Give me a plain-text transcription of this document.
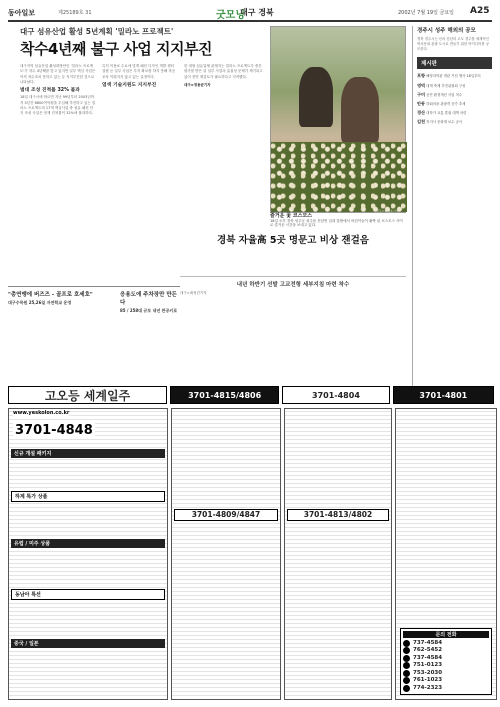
동아일보	제25189호 31	굿모닝
대구 경북	2002년 7월 19일 금요일 A25
대구 섬유산업 활성 5년계획 '밀라노 프로젝트'
착수4년째 불구 사업 지지부진

대구지역 섬유산업 활성화방안인 '밀라노 프로젝트'가 착수 4년째를 맞고 있지만 일부 핵심 사업은 아직 착수조차 못하고 있는 등 지지부진한 것으로 나타났다.

범대 조성 진척률 32% 불과

18일 대구시에 따르면 지난 99년부터 2003년까지 5년간 6800여억원을 투입해 추진하고 있는 밀라노 프로젝트의 17개 핵심사업 중 섬유 패션 단지 조성 사업은 현재 진척률이 32%에 불과하다.

특히 이용료 수요에 맞게 패션 디자인 개발 센터 설립 등 일부 사업은 부지 확보를 하지 못해 착공조차 이뤄지지 않고 있는 실정이다.

염색 기술지원도 지지부진

한 대형 섬유업체 관계자는 밀라노 프로젝트가 중간 평가를 받은 뒤 일부 사업의 효율성 문제가 제기되고 있어 전면 재검토가 필요하다고 지적했다.

대구=정용균기자

성주=최재호기자
즐거운 꽃 코스모스
18일 오후 경북 성주군 성주읍 선남면 일대 꽃밭에서 어린이들이 활짝 핀 코스모스 사이로 즐거운 시간을 보내고 있다.
경주시 성주 해외의 공모
경북 경주시는 신라 천년의 고도 경주를 세계적인 역사문화 관광 도시로 만들기 위한 아이디어를 공모한다.
제시판
포항 해양과학관 개관 기념 행사 18일부터
영덕 대게 축제 추진위원회 구성
구미 공단 환경개선 사업 착수
안동 하회마을 관광객 증가 추세
경산 대학가 교통 혼잡 대책 마련
김천 직지사 문화재 보수 공사
경북 자율高 5곳 명문고 비상 잰걸음
내년 하반기 선발 고교전형 세부지침 마련 착수
대구=최성진기자
"총연맹에 버즈즈 - 골프로 호세호"
대구수목원 25,26일 자연학교 운영
응용도에 주차장만 만든다
85 / 258대 규모 내년 완공키로
고오등 세계일주	3701-4815/4806	3701-4804	3701-4801
www.yeskolon.co.kr
3701-4848
신규 개설 패키지
하계 특가 상품
유럽 / 미주 상품
동남아 특선
중국 / 일본
3701-4809/4847	3701-4813/4802
문의 전화
737-4584
762-5452
737-4584
751-0123
753-2030
761-1023
774-2323
